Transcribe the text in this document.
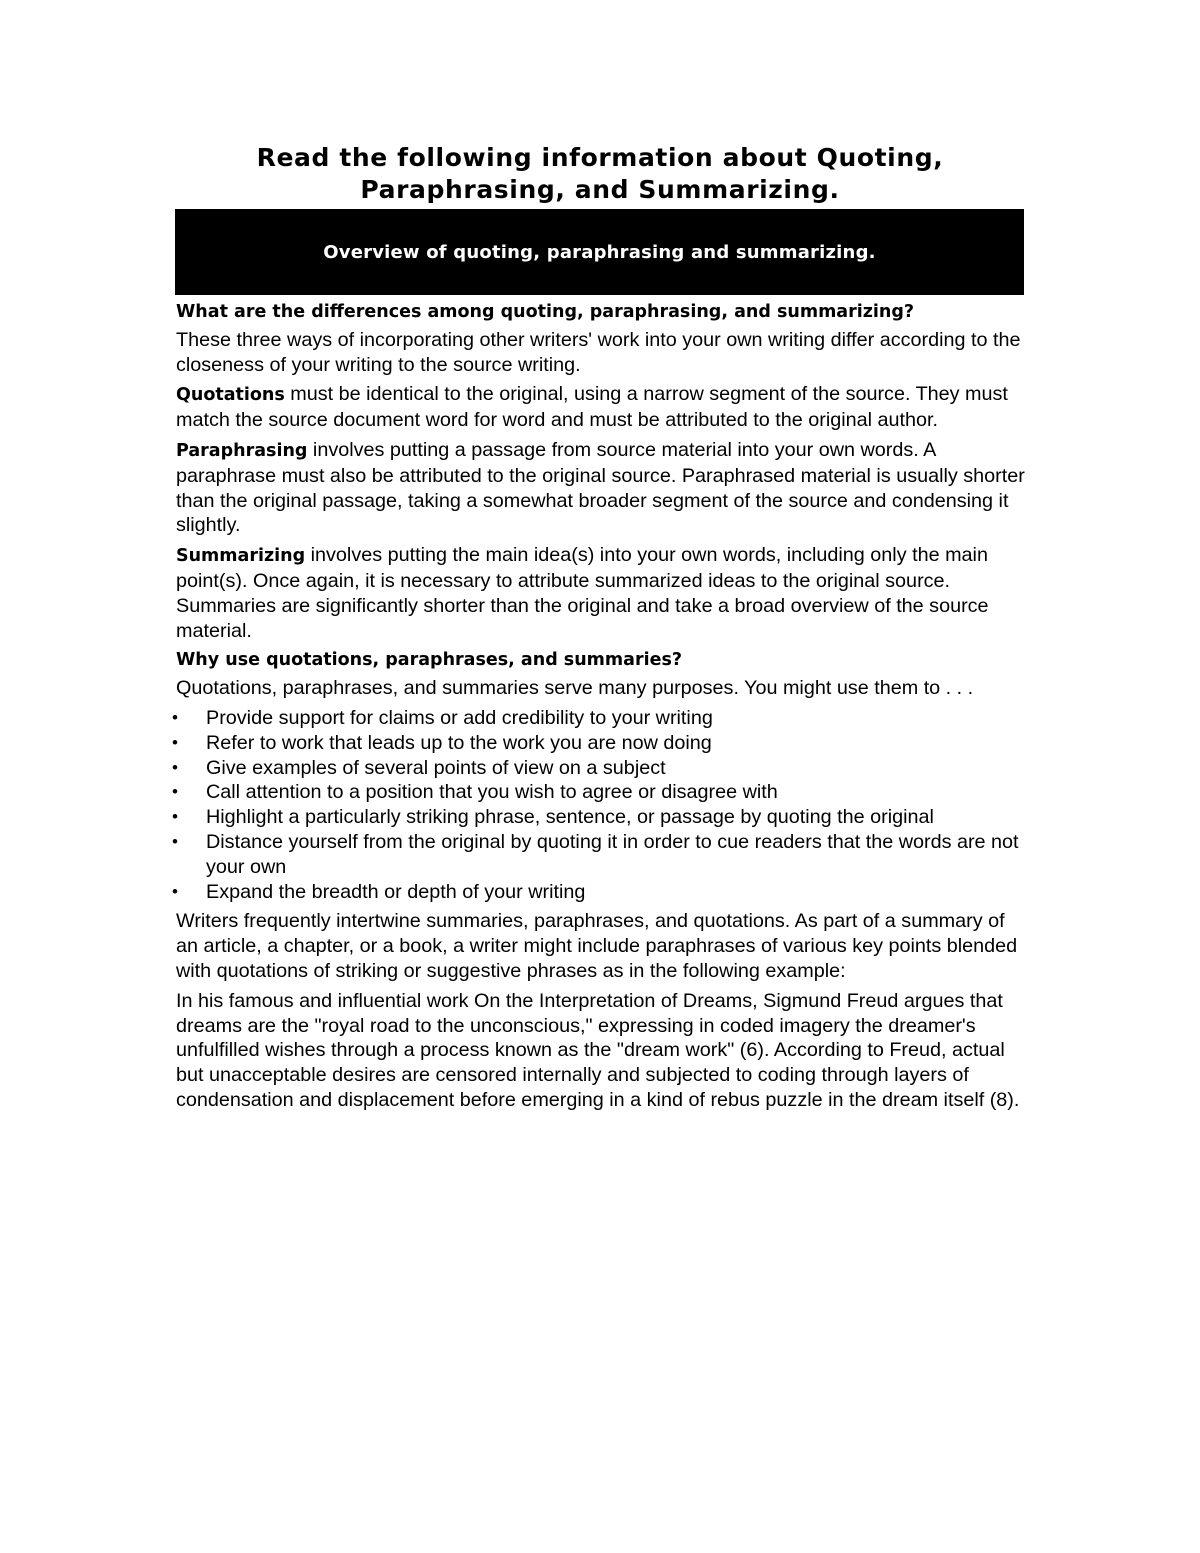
Read the following information about Quoting,
Paraphrasing, and Summarizing.
Overview of quoting, paraphrasing and summarizing.
What are the differences among quoting, paraphrasing, and summarizing?

These three ways of incorporating other writers' work into your own writing differ according to the closeness of your writing to the source writing.

Quotations must be identical to the original, using a narrow segment of the source. They must match the source document word for word and must be attributed to the original author.

Paraphrasing involves putting a passage from source material into your own words. A paraphrase must also be attributed to the original source. Paraphrased material is usually shorter than the original passage, taking a somewhat broader segment of the source and condensing it slightly.

Summarizing involves putting the main idea(s) into your own words, including only the main point(s). Once again, it is necessary to attribute summarized ideas to the original source. Summaries are significantly shorter than the original and take a broad overview of the source material.

Why use quotations, paraphrases, and summaries?

Quotations, paraphrases, and summaries serve many purposes. You might use them to . . .

• Provide support for claims or add credibility to your writing
• Refer to work that leads up to the work you are now doing
• Give examples of several points of view on a subject
• Call attention to a position that you wish to agree or disagree with
• Highlight a particularly striking phrase, sentence, or passage by quoting the original
• Distance yourself from the original by quoting it in order to cue readers that the words are not your own
• Expand the breadth or depth of your writing

Writers frequently intertwine summaries, paraphrases, and quotations. As part of a summary of an article, a chapter, or a book, a writer might include paraphrases of various key points blended with quotations of striking or suggestive phrases as in the following example:

In his famous and influential work On the Interpretation of Dreams, Sigmund Freud argues that dreams are the "royal road to the unconscious," expressing in coded imagery the dreamer's unfulfilled wishes through a process known as the "dream work" (6). According to Freud, actual but unacceptable desires are censored internally and subjected to coding through layers of condensation and displacement before emerging in a kind of rebus puzzle in the dream itself (8).
